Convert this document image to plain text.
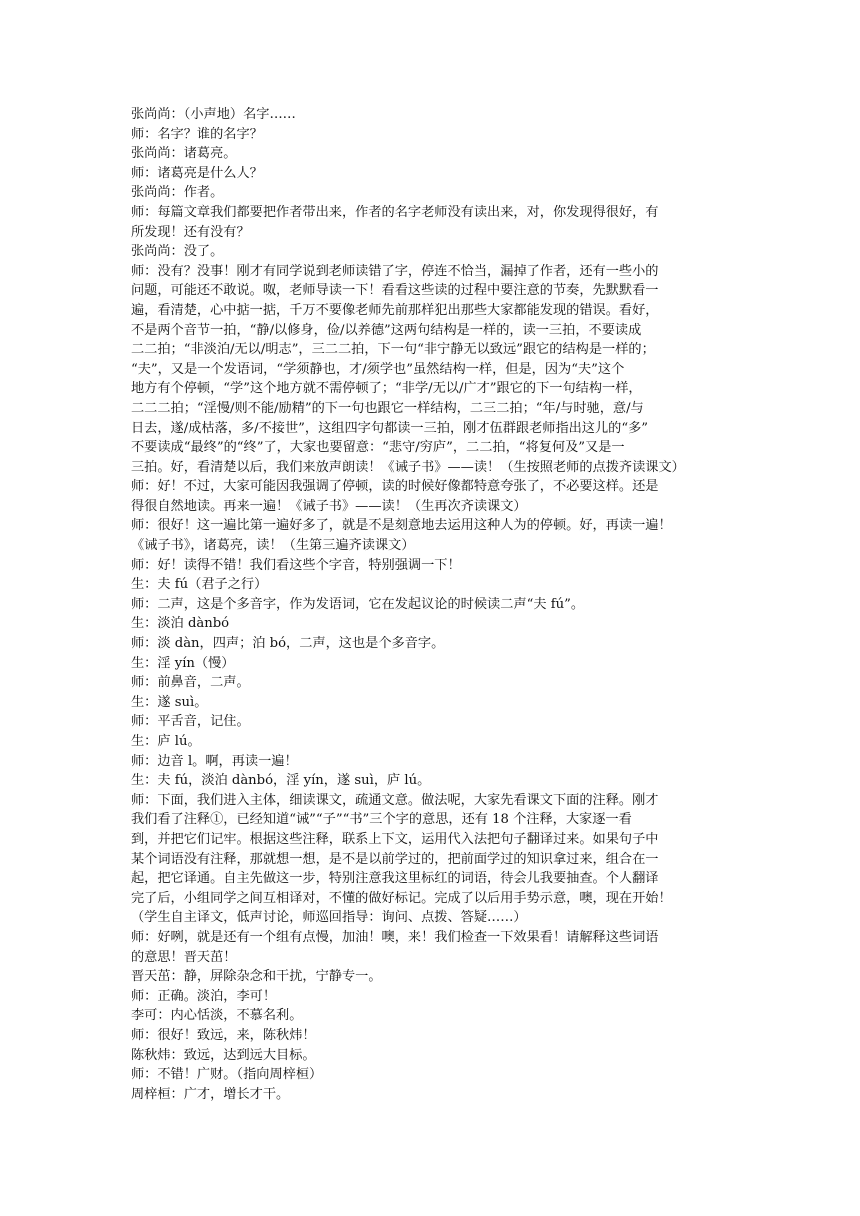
张尚尚：（小声地）名字……

师：名字？谁的名字？

张尚尚：诸葛亮。

师：诸葛亮是什么人？

张尚尚：作者。

师：每篇文章我们都要把作者带出来，作者的名字老师没有读出来，对，你发现得很好，有

所发现！还有没有？

张尚尚：没了。

师：没有？没事！刚才有同学说到老师读错了字，停连不恰当，漏掉了作者，还有一些小的

问题，可能还不敢说。呶，老师导读一下！看看这些读的过程中要注意的节奏，先默默看一

遍，看清楚，心中掂一掂，千万不要像老师先前那样犯出那些大家都能发现的错误。看好，

不是两个音节一拍，“静/以修身，俭/以养德”这两句结构是一样的，读一三拍，不要读成

二二拍；“非淡泊/无以/明志”，三二二拍，下一句“非宁静无以致远”跟它的结构是一样的；

“夫”，又是一个发语词，“学须静也，才/须学也”虽然结构一样，但是，因为“夫”这个

地方有个停顿，“学”这个地方就不需停顿了；“非学/无以/广才”跟它的下一句结构一样，

二二二拍；“淫慢/则不能/励精”的下一句也跟它一样结构，二三二拍；“年/与时驰，意/与

日去，遂/成枯落，多/不接世”，这组四字句都读一三拍，刚才伍群跟老师指出这儿的“多”

不要读成“最终”的“终”了，大家也要留意：“悲守/穷庐”，二二拍，“将复何及”又是一

三拍。好，看清楚以后，我们来放声朗读！《诫子书》——读！（生按照老师的点拨齐读课文）

师：好！不过，大家可能因我强调了停顿，读的时候好像都特意夸张了，不必要这样。还是

得很自然地读。再来一遍！《诫子书》——读！（生再次齐读课文）

师：很好！这一遍比第一遍好多了，就是不是刻意地去运用这种人为的停顿。好，再读一遍！

《诫子书》，诸葛亮，读！（生第三遍齐读课文）

师：好！读得不错！我们看这些个字音，特别强调一下！

生：夫 fú（君子之行）

师：二声，这是个多音字，作为发语词，它在发起议论的时候读二声“夫 fú”。

生：淡泊 dànbó

师：淡 dàn，四声；泊 bó，二声，这也是个多音字。

生：淫 yín（慢）

师：前鼻音，二声。

生：遂 suì。

师：平舌音，记住。

生：庐 lú。

师：边音 l。啊，再读一遍！

生：夫 fú，淡泊 dànbó，淫 yín，遂 suì，庐 lú。

师：下面，我们进入主体，细读课文，疏通文意。做法呢，大家先看课文下面的注释。刚才

我们看了注释①，已经知道“诫”“子”“书”三个字的意思，还有 18 个注释，大家逐一看

到，并把它们记牢。根据这些注释，联系上下文，运用代入法把句子翻译过来。如果句子中

某个词语没有注释，那就想一想，是不是以前学过的，把前面学过的知识拿过来，组合在一

起，把它译通。自主先做这一步，特别注意我这里标红的词语，待会儿我要抽查。个人翻译

完了后，小组同学之间互相译对，不懂的做好标记。完成了以后用手势示意，噢，现在开始！

（学生自主译文，低声讨论，师巡回指导：询问、点拨、答疑……）

师：好咧，就是还有一个组有点慢，加油！噢，来！我们检查一下效果看！请解释这些词语

的意思！晋天茁！

晋天茁：静，屏除杂念和干扰，宁静专一。

师：正确。淡泊，李可！

李可：内心恬淡，不慕名利。

师：很好！致远，来，陈秋炜！

陈秋炜：致远，达到远大目标。

师：不错！广财。（指向周梓桓）

周梓桓：广才，增长才干。
